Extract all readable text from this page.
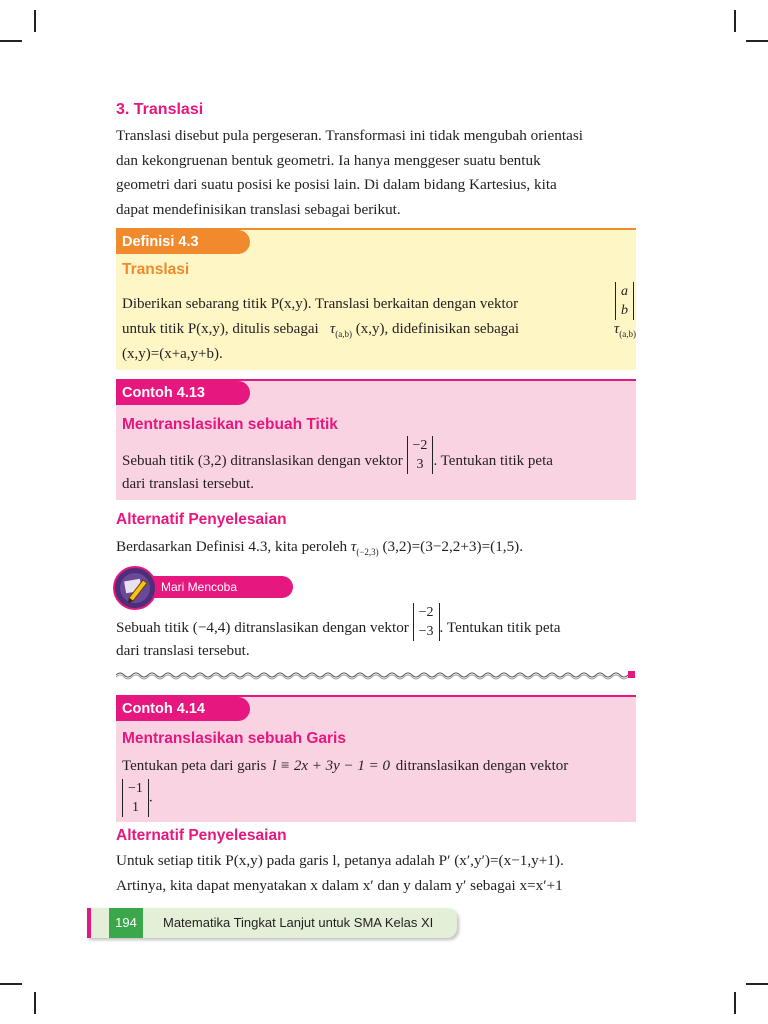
3. Translasi

Translasi disebut pula pergeseran. Transformasi ini tidak mengubah orientasi

dan kekongruenan bentuk geometri. Ia hanya menggeser suatu bentuk

geometri dari suatu posisi ke posisi lain. Di dalam bidang Kartesius, kita

dapat mendefinisikan translasi sebagai berikut.

Definisi 4.3
Translasi
Diberikan sebarang titik P(x,y). Translasi berkaitan dengan vektor
a
b
untuk titik P(x,y), ditulis sebagai $\tau_{(a,b)}$ (x,y), didefinisikan sebagai	$\tau_{(a,b)}$
(x,y)=(x+a,y+b).
Contoh 4.13
Mentranslasikan sebuah Titik
Sebuah titik (3,2) ditranslasikan dengan vektor
−2
3 . Tentukan titik peta
dari translasi tersebut.
Alternatif Penyelesaian
Berdasarkan Definisi 4.3, kita peroleh $\tau_{(-2,3)}$ (3,2)=(3−2,2+3)=(1,5).
Mari Mencoba
Sebuah titik (−4,4) ditranslasikan dengan vektor
−2
−3 . Tentukan titik peta
dari translasi tersebut.
Contoh 4.14
Mentranslasikan sebuah Garis
Tentukan peta dari garis l ≡ 2x + 3y − 1 = 0 ditranslasikan dengan vektor
−1
1
.
Alternatif Penyelesaian

Untuk setiap titik P(x,y) pada garis l, petanya adalah P′ (x′,y′)=(x−1,y+1).

Artinya, kita dapat menyatakan x dalam x′ dan y dalam y′ sebagai x=x′+1

194	Matematika Tingkat Lanjut untuk SMA Kelas XI
